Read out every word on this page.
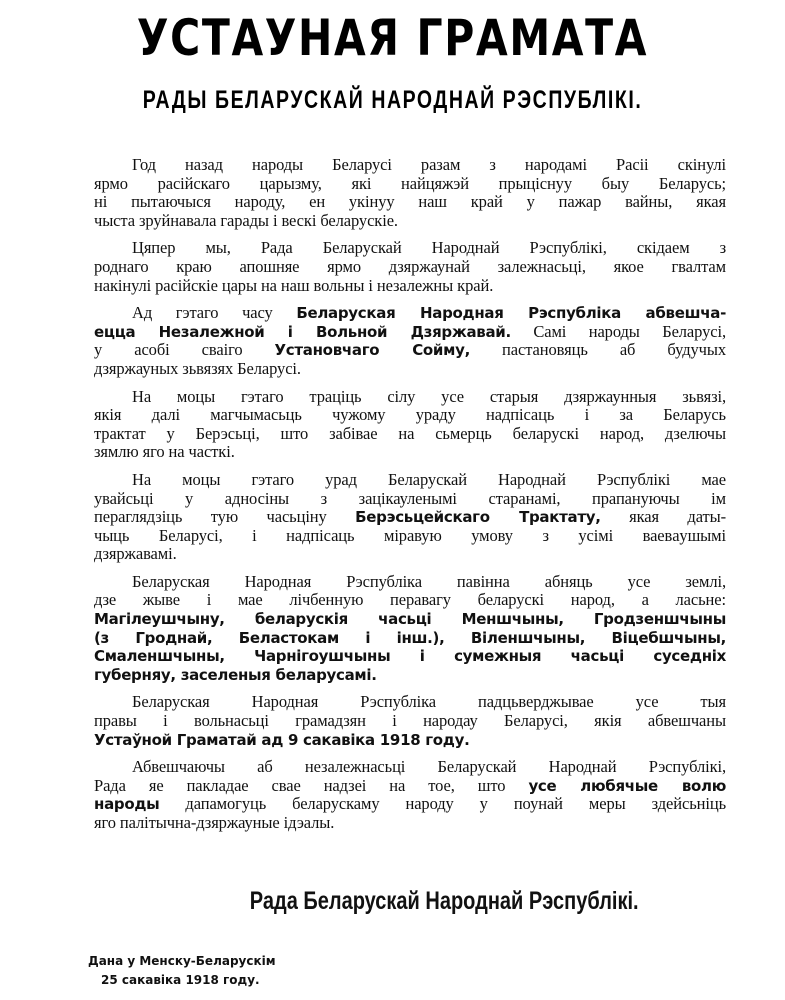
УСТАУНАЯ ГРАМАТА
РАДЫ БЕЛАРУСКАЙ НАРОДНАЙ РЭСПУБЛІКІ.
Год назад народы Беларусі разам з народамі Расіі скінулі
ярмо расійскаго царызму, які найцяжэй прыціснуу быу Беларусь;
ні пытаючыся народу, ен укінуу наш край у пажар вайны, якая
чыста зруйнавала гарады і вескі беларускіе.
Цяпер мы, Рада Беларускай Народнай Рэспублікі, скідаем з
роднаго краю апошняе ярмо дзяржаунай залежнасьці, якое гвалтам
накінулі расійскіе цары на наш вольны і незалежны край.
Ад гэтаго часу Беларуская Народная Рэспубліка абвешча-
ецца Незалежной і Вольной Дзяржавай. Самі народы Беларусі,
у асобі сваіго Установчаго Сойму, пастановяць аб будучых
дзяржауных зьвязях Беларусі.
На моцы гэтаго траціць сілу усе старыя дзяржаунныя зьвязі,
якія далі магчымасьць чужому ураду надпісаць і за Беларусь
трактат у Берэсьці, што забівае на сьмерць беларускі народ, дзелючы
зямлю яго на часткі.
На моцы гэтаго урад Беларускай Народнай Рэспублікі мае
увайсьці у адносіны з зацікауленымі старанамі, прапануючы ім
пераглядзіць тую часьціну Берэсьцейскаго Трактату, якая даты-
чыць Беларусі, і надпісаць міравую умову з усімі ваевaушымі
дзяржавамі.
Беларуская Народная Рэспубліка павінна абняць усе землі,
дзе жыве і мае лічбенную перавагу беларускі народ, а ласьне:
Магілеушчыну, беларускія часьці Меншчыны, Гродзеншчыны
(з Гроднай, Беластокам і інш.), Віленшчыны, Віцебшчыны,
Смаленшчыны, Чарнігоушчыны і сумежныя часьці суседніх
губерняу, заселеныя беларусамі.
Беларуская Народная Рэспубліка падцьверджывае усе тыя
правы і вольнасьці грамадзян і народау Беларусі, якія абвешчаны
Устаўной Граматай ад 9 сакавіка 1918 году.
Абвешчаючы аб незалежнасьці Беларускай Народнай Рэспублікі,
Рада яе пакладае свае надзеі на тое, што усе любячые волю
народы дапамогуць беларускаму народу у поунай меры здейсьніць
яго палітычна-дзяржауные ідэалы.
Рада Беларускай Народнай Рэспублікі.
Дана у Менску-Беларускім
25 сакавіка 1918 году.
